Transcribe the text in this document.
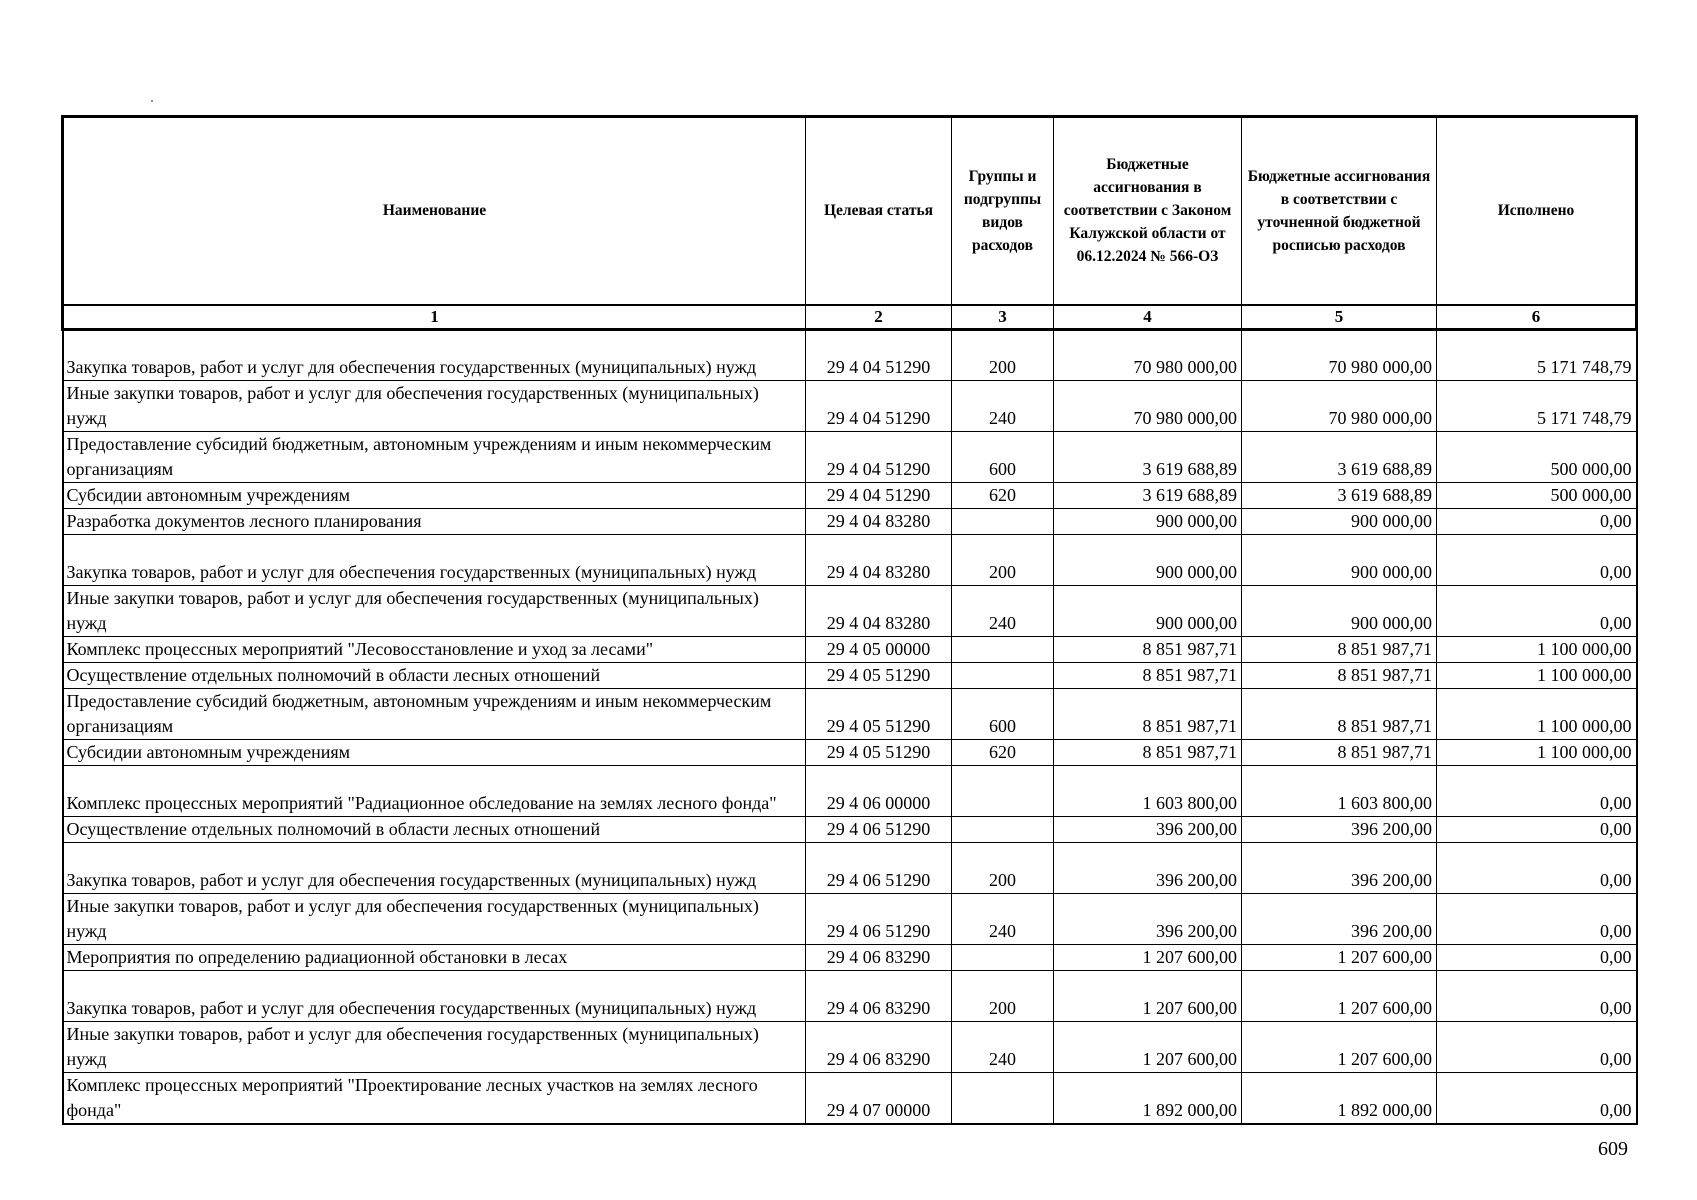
Наименование	Целевая статья	Группы и подгруппы видов расходов	Бюджетные ассигнования в соответствии с Законом Калужской области от 06.12.2024 № 566-ОЗ	Бюджетные ассигнования в соответствии с уточненной бюджетной росписью расходов	Исполнено
1	2	3	4	5	6
Закупка товаров, работ и услуг для обеспечения государственных (муниципальных) нужд	29 4 04 51290	200	70 980 000,00	70 980 000,00	5 171 748,79
Иные закупки товаров, работ и услуг для обеспечения государственных (муниципальных) нужд	29 4 04 51290	240	70 980 000,00	70 980 000,00	5 171 748,79
Предоставление субсидий бюджетным, автономным учреждениям и иным некоммерческим организациям	29 4 04 51290	600	3 619 688,89	3 619 688,89	500 000,00
Субсидии автономным учреждениям	29 4 04 51290	620	3 619 688,89	3 619 688,89	500 000,00
Разработка документов лесного планирования	29 4 04 83280		900 000,00	900 000,00	0,00
Закупка товаров, работ и услуг для обеспечения государственных (муниципальных) нужд	29 4 04 83280	200	900 000,00	900 000,00	0,00
Иные закупки товаров, работ и услуг для обеспечения государственных (муниципальных) нужд	29 4 04 83280	240	900 000,00	900 000,00	0,00
Комплекс процессных мероприятий "Лесовосстановление и уход за лесами"	29 4 05 00000		8 851 987,71	8 851 987,71	1 100 000,00
Осуществление отдельных полномочий в области лесных отношений	29 4 05 51290		8 851 987,71	8 851 987,71	1 100 000,00
Предоставление субсидий бюджетным, автономным учреждениям и иным некоммерческим организациям	29 4 05 51290	600	8 851 987,71	8 851 987,71	1 100 000,00
Субсидии автономным учреждениям	29 4 05 51290	620	8 851 987,71	8 851 987,71	1 100 000,00
Комплекс процессных мероприятий "Радиационное обследование на землях лесного фонда"	29 4 06 00000		1 603 800,00	1 603 800,00	0,00
Осуществление отдельных полномочий в области лесных отношений	29 4 06 51290		396 200,00	396 200,00	0,00
Закупка товаров, работ и услуг для обеспечения государственных (муниципальных) нужд	29 4 06 51290	200	396 200,00	396 200,00	0,00
Иные закупки товаров, работ и услуг для обеспечения государственных (муниципальных) нужд	29 4 06 51290	240	396 200,00	396 200,00	0,00
Мероприятия по определению радиационной обстановки в лесах	29 4 06 83290		1 207 600,00	1 207 600,00	0,00
Закупка товаров, работ и услуг для обеспечения государственных (муниципальных) нужд	29 4 06 83290	200	1 207 600,00	1 207 600,00	0,00
Иные закупки товаров, работ и услуг для обеспечения государственных (муниципальных) нужд	29 4 06 83290	240	1 207 600,00	1 207 600,00	0,00
Комплекс процессных мероприятий "Проектирование лесных участков на землях лесного фонда"	29 4 07 00000		1 892 000,00	1 892 000,00	0,00
609
